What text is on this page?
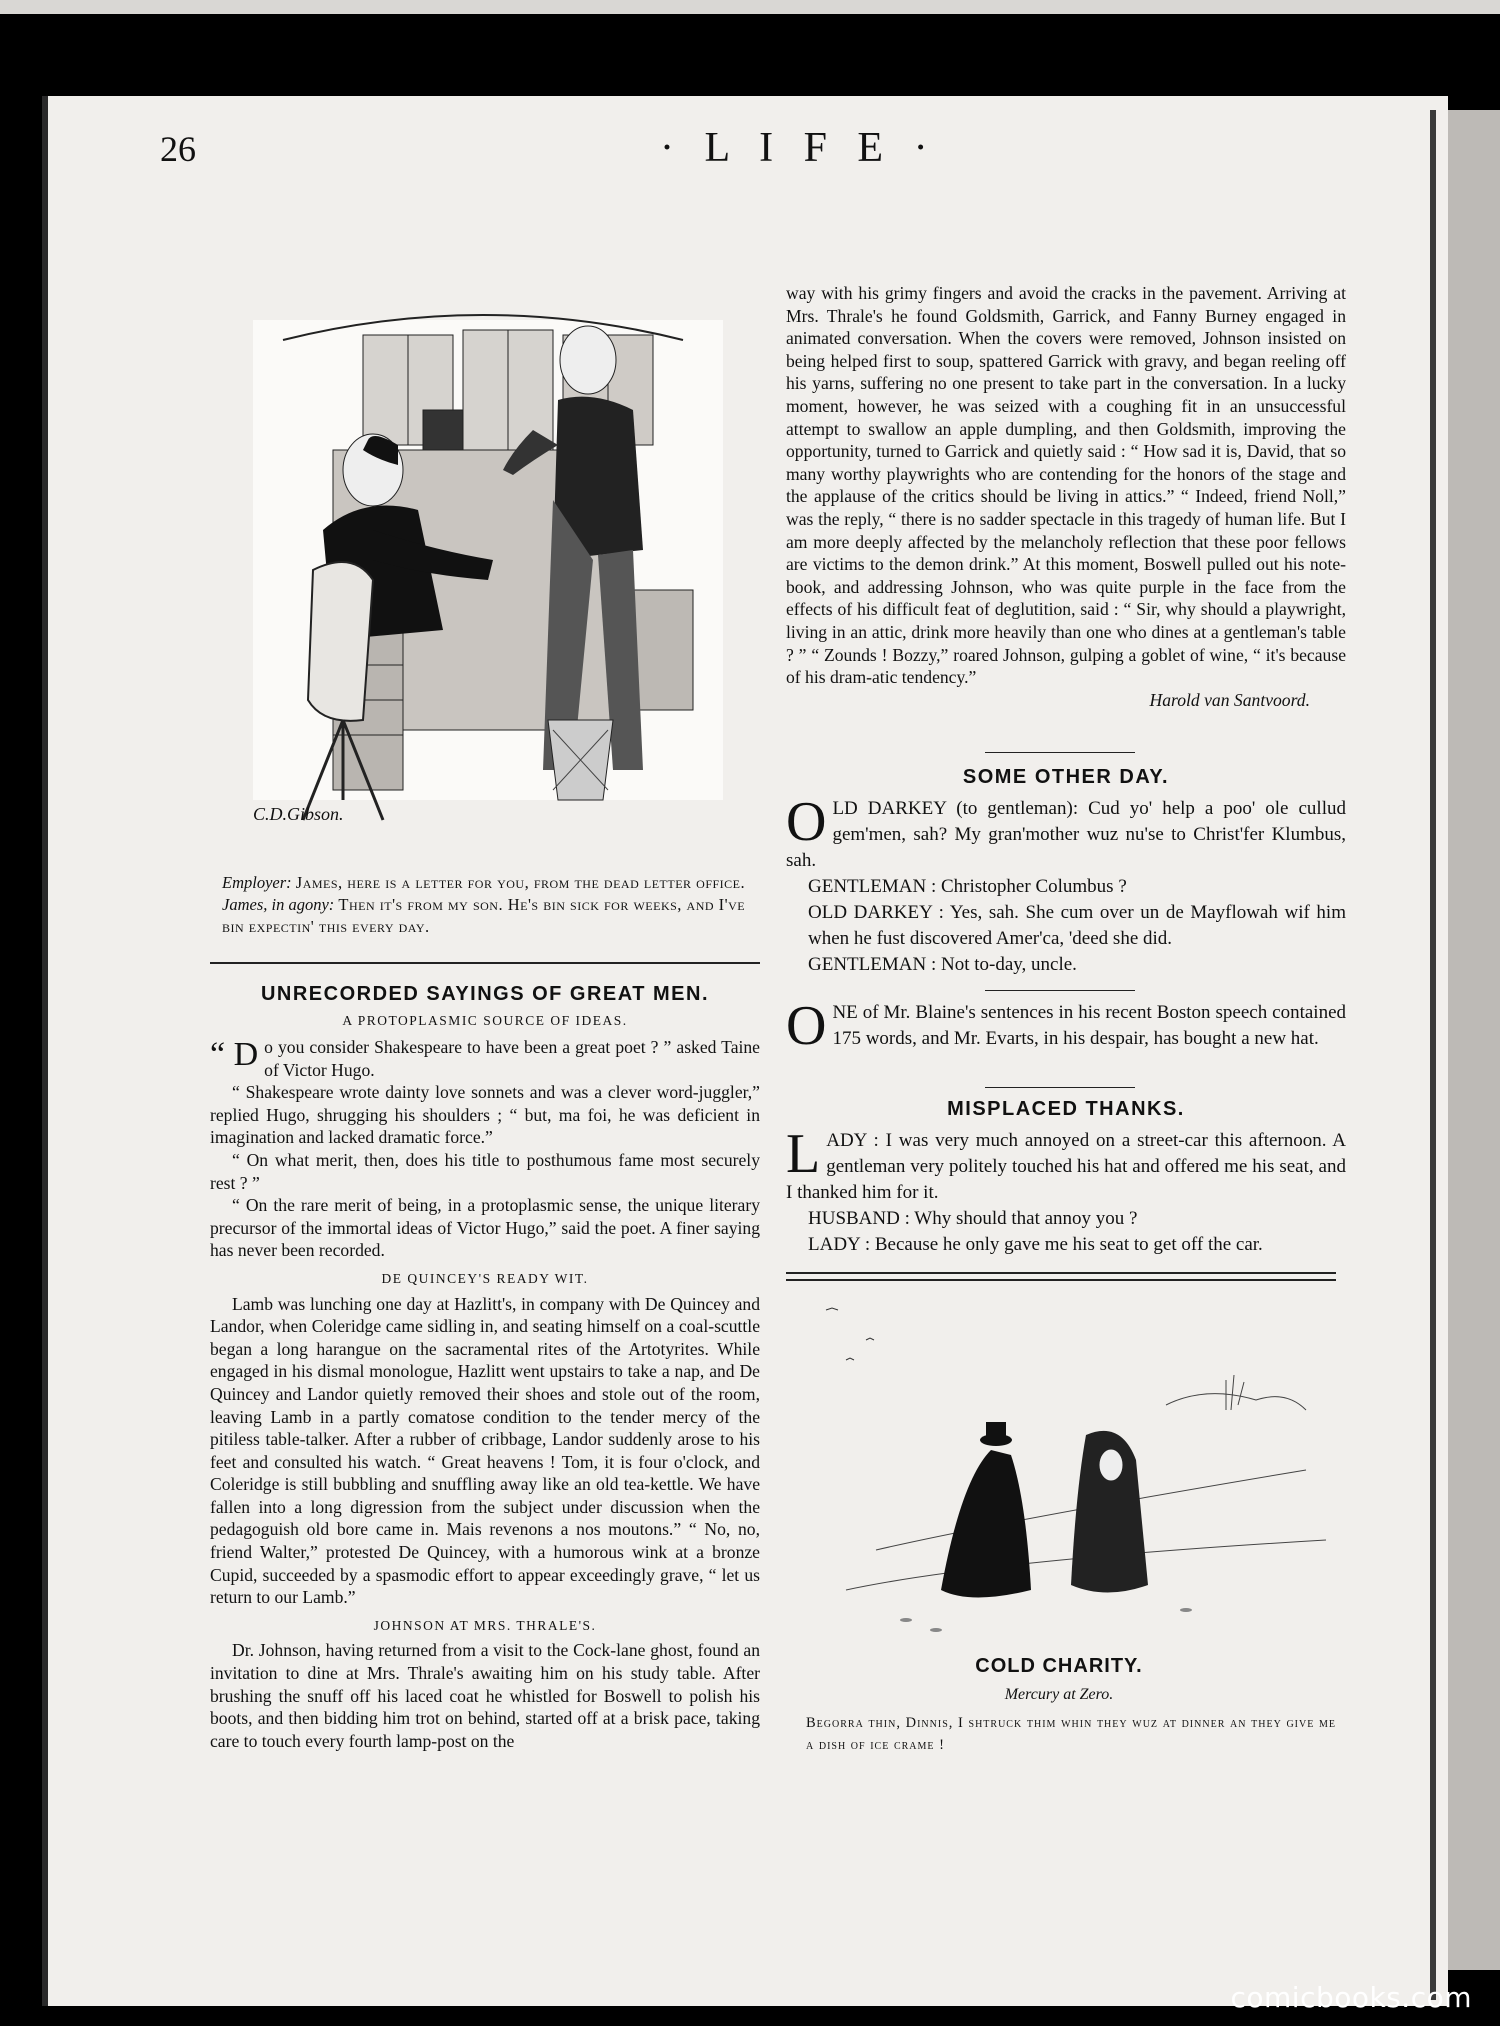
26	· L I F E ·
C.D.Gibson.
Employer: James, here is a letter for you, from the dead letter office.
James, in agony: Then it's from my son. He's bin sick for weeks, and I've bin expectin' this every day.
UNRECORDED SAYINGS OF GREAT MEN.
A PROTOPLASMIC SOURCE OF IDEAS.

“ D o you consider Shakespeare to have been a great poet ? ” asked Taine of Victor Hugo.

“ Shakespeare wrote dainty love sonnets and was a clever word-juggler,” replied Hugo, shrugging his shoulders ; “ but, ma foi, he was deficient in imagination and lacked dramatic force.”

“ On what merit, then, does his title to posthumous fame most securely rest ? ”

“ On the rare merit of being, in a protoplasmic sense, the unique literary precursor of the immortal ideas of Victor Hugo,” said the poet. A finer saying has never been recorded.

DE QUINCEY'S READY WIT.

Lamb was lunching one day at Hazlitt's, in company with De Quincey and Landor, when Coleridge came sidling in, and seating himself on a coal-scuttle began a long harangue on the sacramental rites of the Artotyrites. While engaged in his dismal monologue, Hazlitt went upstairs to take a nap, and De Quincey and Landor quietly removed their shoes and stole out of the room, leaving Lamb in a partly comatose condition to the tender mercy of the pitiless table-talker. After a rubber of cribbage, Landor suddenly arose to his feet and consulted his watch. “ Great heavens ! Tom, it is four o'clock, and Coleridge is still bubbling and snuffling away like an old tea-kettle. We have fallen into a long digression from the subject under discussion when the pedagoguish old bore came in. Mais revenons a nos moutons.” “ No, no, friend Walter,” protested De Quincey, with a humorous wink at a bronze Cupid, succeeded by a spasmodic effort to appear exceedingly grave, “ let us return to our Lamb.”

JOHNSON AT MRS. THRALE'S.

Dr. Johnson, having returned from a visit to the Cock-lane ghost, found an invitation to dine at Mrs. Thrale's awaiting him on his study table. After brushing the snuff off his laced coat he whistled for Boswell to polish his boots, and then bidding him trot on behind, started off at a brisk pace, taking care to touch every fourth lamp-post on the

way with his grimy fingers and avoid the cracks in the pavement. Arriving at Mrs. Thrale's he found Goldsmith, Garrick, and Fanny Burney engaged in animated conversation. When the covers were removed, Johnson insisted on being helped first to soup, spattered Garrick with gravy, and began reeling off his yarns, suffering no one present to take part in the conversation. In a lucky moment, however, he was seized with a coughing fit in an unsuccessful attempt to swallow an apple dumpling, and then Goldsmith, improving the opportunity, turned to Garrick and quietly said : “ How sad it is, David, that so many worthy playwrights who are contending for the honors of the stage and the applause of the critics should be living in attics.” “ Indeed, friend Noll,” was the reply, “ there is no sadder spectacle in this tragedy of human life. But I am more deeply affected by the melancholy reflection that these poor fellows are victims to the demon drink.” At this moment, Boswell pulled out his note-book, and addressing Johnson, who was quite purple in the face from the effects of his difficult feat of deglutition, said : “ Sir, why should a playwright, living in an attic, drink more heavily than one who dines at a gentleman's table ? ” “ Zounds ! Bozzy,” roared Johnson, gulping a goblet of wine, “ it's because of his dram-atic tendency.”

Harold van Santvoord.

SOME OTHER DAY.

OLD DARKEY (to gentleman): Cud yo' help a poo' ole cullud gem'men, sah? My gran'mother wuz nu'se to Christ'fer Klumbus, sah.

GENTLEMAN : Christopher Columbus ?

OLD DARKEY : Yes, sah. She cum over un de Mayflowah wif him when he fust discovered Amer'ca, 'deed she did.

GENTLEMAN : Not to-day, uncle.

ONE of Mr. Blaine's sentences in his recent Boston speech contained 175 words, and Mr. Evarts, in his despair, has bought a new hat.

MISPLACED THANKS.

LADY : I was very much annoyed on a street-car this afternoon. A gentleman very politely touched his hat and offered me his seat, and I thanked him for it.

HUSBAND : Why should that annoy you ?

LADY : Because he only gave me his seat to get off the car.

COLD CHARITY.
Mercury at Zero.
Begorra thin, Dinnis, I shtruck thim whin they wuz at dinner an they give me a dish of ice crame !
comicbooks.com
